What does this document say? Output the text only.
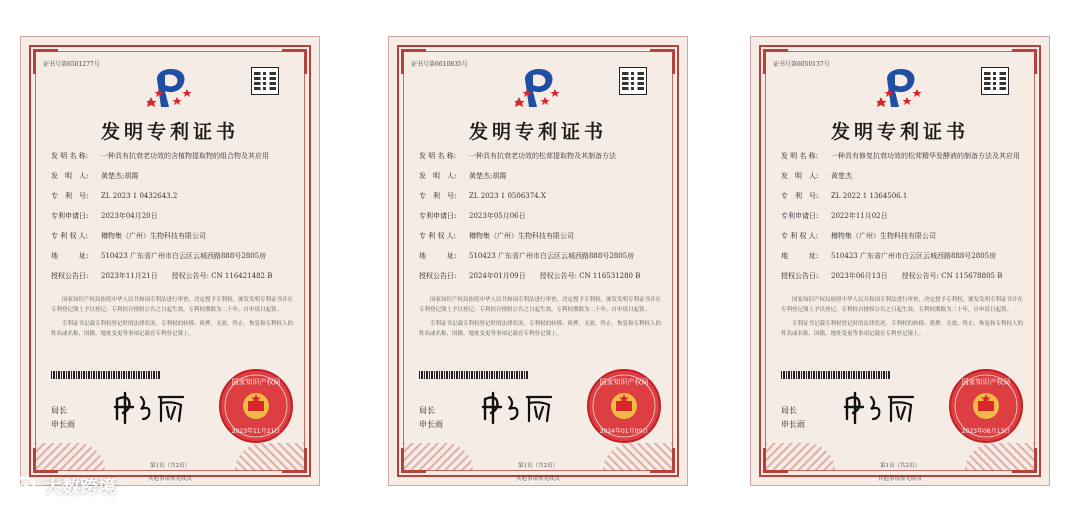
证书号第6501277号
发明专利证书
发 明 名 称:	一种具有抗衰老功效的含植物提取物的组合物及其应用
发　明　人:	黄楚杰;胡霞
专　利　号:	ZL 2023 1 0432643.2
专利申请日:	2023年04月20日
专 利 权 人:	樽物集（广州）生物科技有限公司
地　　　址:	510423 广东省广州市白云区云城西路888号2805房
授权公告日:	2023年11月21日　　授权公告号: CN 116421482 B

国家知识产权局依照中华人民共和国专利法进行审查，决定授予专利权，颁发发明专利证书并在专利登记簿上予以登记。专利权自授权公告之日起生效。专利权期限为二十年，自申请日起算。

专利证书记载专利权登记时的法律状况。专利权的转移、质押、无效、终止、恢复和专利权人的姓名或名称、国籍、地址变更等事项记载在专利登记簿上。

局长
申长雨
2023年11月21日
国家知识产权局
第1页（共2页）
其他事项参见续页
证书号第6610835号
发明专利证书
发 明 名 称:	一种具有抗衰老功效的松茸提取物及其制备方法
发　明　人:	黄楚杰;胡霞
专　利　号:	ZL 2023 1 0506374.X
专利申请日:	2023年05月06日
专 利 权 人:	樽物集（广州）生物科技有限公司
地　　　址:	510423 广东省广州市白云区云城西路888号2805房
授权公告日:	2024年01月09日　　授权公告号: CN 116531280 B

国家知识产权局依照中华人民共和国专利法进行审查，决定授予专利权，颁发发明专利证书并在专利登记簿上予以登记。专利权自授权公告之日起生效。专利权期限为二十年，自申请日起算。

专利证书记载专利权登记时的法律状况。专利权的转移、质押、无效、终止、恢复和专利权人的姓名或名称、国籍、地址变更等事项记载在专利登记簿上。

局长
申长雨
2024年01月09日
国家知识产权局
第1页（共2页）
其他事项参见续页
证书号第6050137号
发明专利证书
发 明 名 称:	一种具有修复抗衰功效的松茸精华发酵液的制备方法及其应用
发　明　人:	黄楚杰
专　利　号:	ZL 2022 1 1364506.1
专利申请日:	2022年11月02日
专 利 权 人:	樽物集（广州）生物科技有限公司
地　　　址:	510423 广东省广州市白云区云城西路888号2805房
授权公告日:	2023年06月13日　　授权公告号: CN 115678805 B

国家知识产权局依照中华人民共和国专利法进行审查，决定授予专利权，颁发发明专利证书并在专利登记簿上予以登记。专利权自授权公告之日起生效。专利权期限为二十年，自申请日起算。

专利证书记载专利权登记时的法律状况。专利权的转移、质押、无效、终止、恢复和专利权人的姓名或名称、国籍、地址变更等事项记载在专利登记簿上。

局长
申长雨
2023年06月13日
国家知识产权局
第1页（共2页）
其他事项参见续页
大数跨境
